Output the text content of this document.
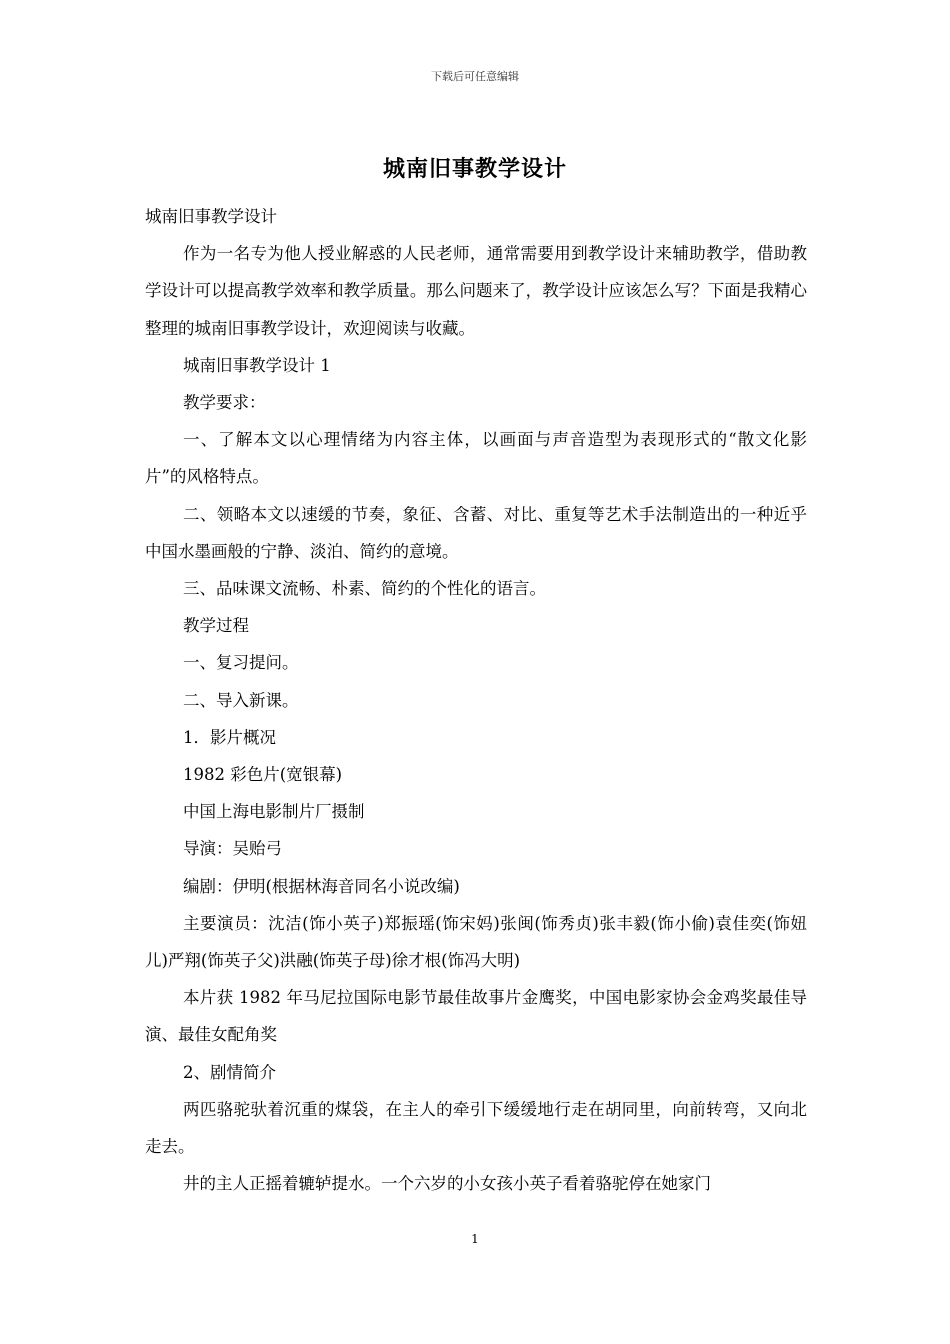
下载后可任意编辑
城南旧事教学设计

城南旧事教学设计

作为一名专为他人授业解惑的人民老师，通常需要用到教学设计来辅助教学，借助教学设计可以提高教学效率和教学质量。那么问题来了，教学设计应该怎么写？下面是我精心整理的城南旧事教学设计，欢迎阅读与收藏。

城南旧事教学设计 1

教学要求：

一、了解本文以心理情绪为内容主体，以画面与声音造型为表现形式的“散文化影片”的风格特点。

二、领略本文以速缓的节奏，象征、含蓄、对比、重复等艺术手法制造出的一种近乎中国水墨画般的宁静、淡泊、简约的意境。

三、品味课文流畅、朴素、简约的个性化的语言。

教学过程

一、复习提问。

二、导入新课。

1．影片概况

1982 彩色片(宽银幕)

中国上海电影制片厂摄制

导演：吴贻弓

编剧：伊明(根据林海音同名小说改编)

主要演员：沈洁(饰小英子)郑振瑶(饰宋妈)张闽(饰秀贞)张丰毅(饰小偷)袁佳奕(饰妞儿)严翔(饰英子父)洪融(饰英子母)徐才根(饰冯大明)

本片获 1982 年马尼拉国际电影节最佳故事片金鹰奖，中国电影家协会金鸡奖最佳导演、最佳女配角奖

2、剧情简介

两匹骆驼驮着沉重的煤袋，在主人的牵引下缓缓地行走在胡同里，向前转弯，又向北走去。

井的主人正摇着辘轳提水。一个六岁的小女孩小英子看着骆驼停在她家门

1
